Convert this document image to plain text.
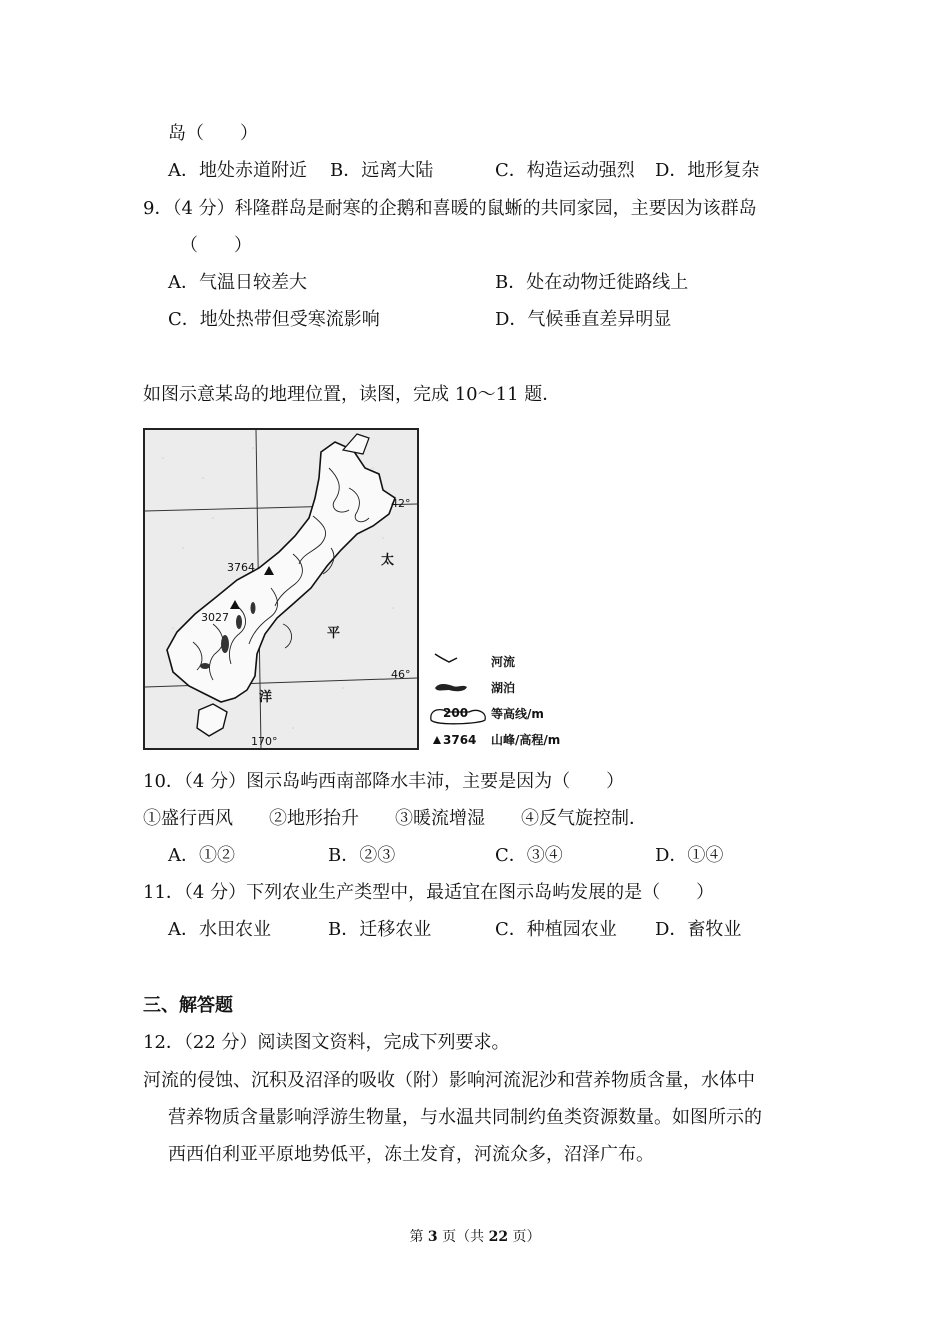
岛（　　）
A．地处赤道附近 B．远离大陆	C．构造运动强烈 D．地形复杂
9．（4 分）科隆群岛是耐寒的企鹅和喜暖的鼠蜥的共同家园，主要因为该群岛
（　　）
A．气温日较差大	B．处在动物迁徙路线上
C．地处热带但受寒流影响	D．气候垂直差异明显
如图示意某岛的地理位置，读图，完成 10～11 题．
3764
3027
42°
46°
170°
太
平
洋
河流
湖泊
200 等高线/m
3764 山峰/高程/m
10．（4 分）图示岛屿西南部降水丰沛，主要是因为（　　）
①盛行西风　　②地形抬升　　③暖流增湿　　④反气旋控制．
A．①②	B．②③	C．③④	D．①④
11．（4 分）下列农业生产类型中，最适宜在图示岛屿发展的是（　　）
A．水田农业	B．迁移农业	C．种植园农业 D．畜牧业
三、解答题
12．（22 分）阅读图文资料，完成下列要求。
河流的侵蚀、沉积及沼泽的吸收（附）影响河流泥沙和营养物质含量，水体中
营养物质含量影响浮游生物量，与水温共同制约鱼类资源数量。如图所示的
西西伯利亚平原地势低平，冻土发育，河流众多，沼泽广布。
第 3 页（共 22 页）
